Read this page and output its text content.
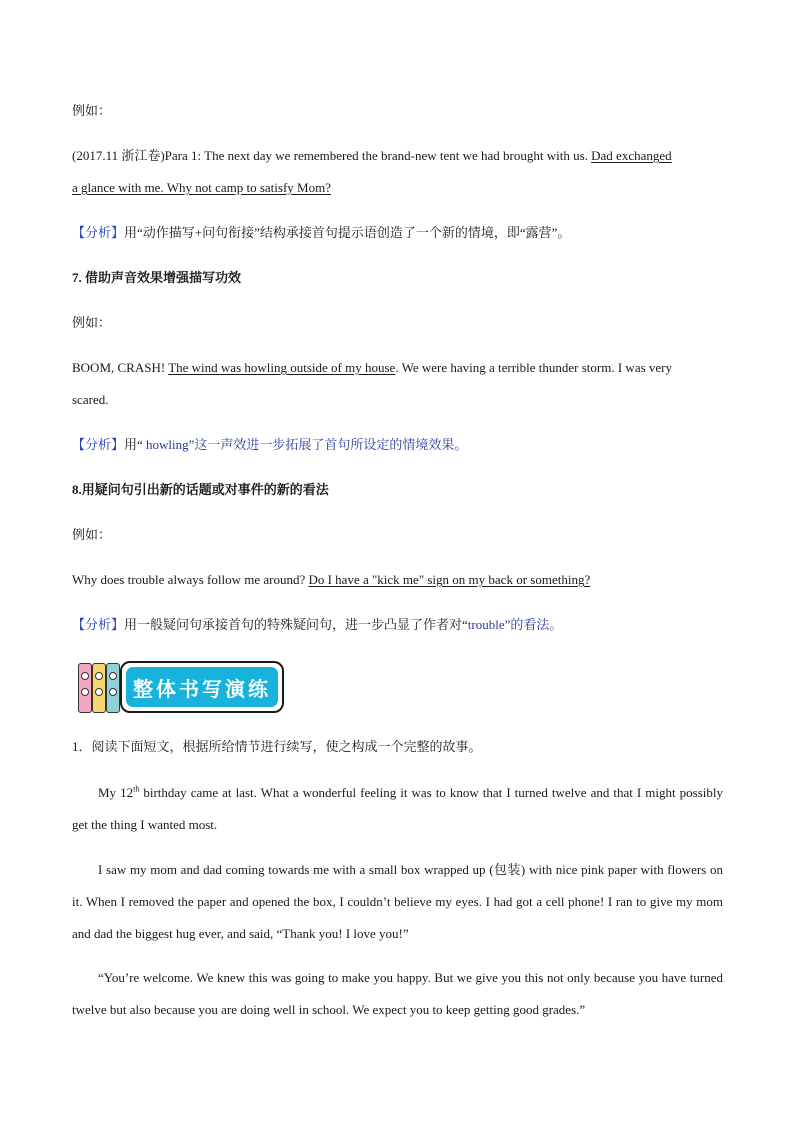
例如：
(2017.11 浙江卷)Para 1: The next day we remembered the brand-new tent we had brought with us. Dad exchanged
a glance with me. Why not camp to satisfy Mom?
【分析】用“动作描写+问句衔接”结构承接首句提示语创造了一个新的情境，即“露营”。
7. 借助声音效果增强描写功效
例如：
BOOM, CRASH! The wind was howling outside of my house. We were having a terrible thunder storm. I was very
scared.
【分析】用“ howling”这一声效进一步拓展了首句所设定的情境效果。
8.用疑问句引出新的话题或对事件的新的看法
例如：
Why does trouble always follow me around? Do I have a "kick me" sign on my back or something?
【分析】用一般疑问句承接首句的特殊疑问句，进一步凸显了作者对“trouble”的看法。
1．阅读下面短文，根据所给情节进行续写，使之构成一个完整的故事。
My 12th birthday came at last. What a wonderful feeling it was to know that I turned twelve and that I might possibly get the thing I wanted most.
I saw my mom and dad coming towards me with a small box wrapped up (包装) with nice pink paper with flowers on it. When I removed the paper and opened the box, I couldn’t believe my eyes. I had got a cell phone! I ran to give my mom and dad the biggest hug ever, and said, “Thank you! I love you!”
“You’re welcome. We knew this was going to make you happy. But we give you this not only because you have turned twelve but also because you are doing well in school. We expect you to keep getting good grades.”
整体书写演练
